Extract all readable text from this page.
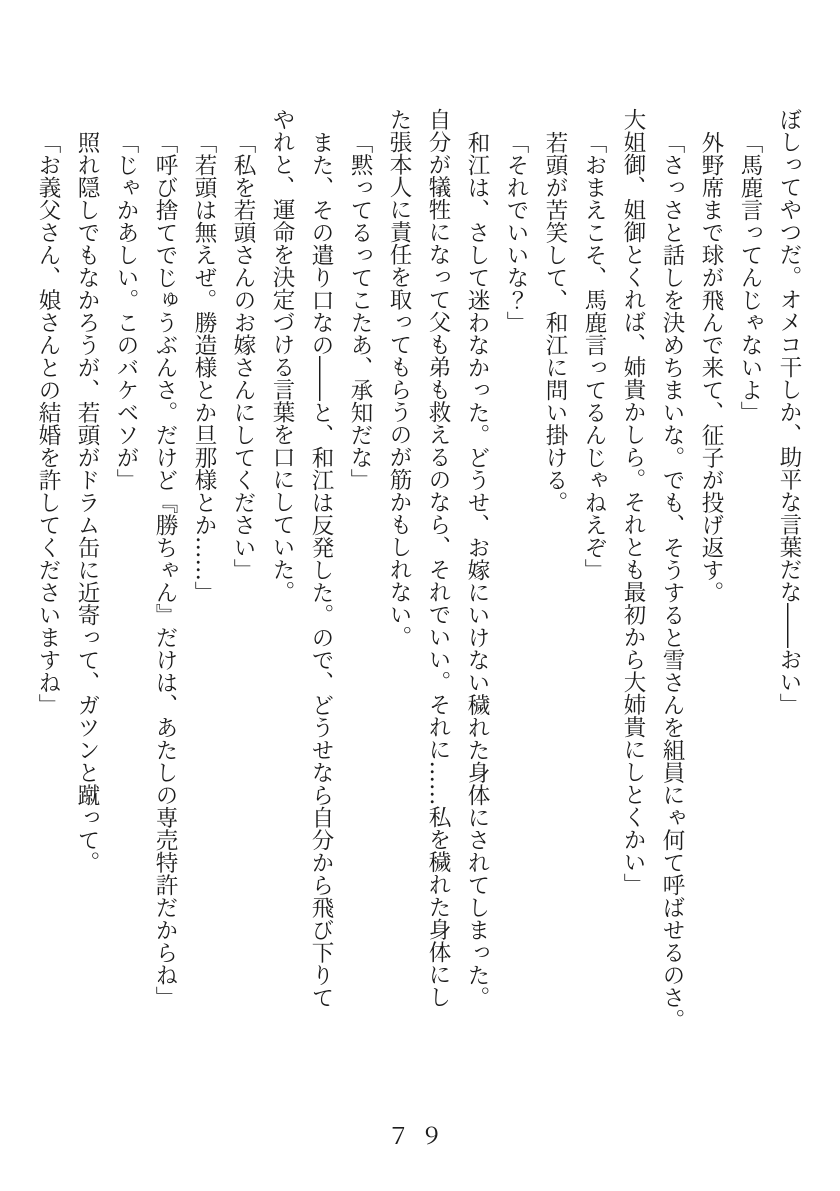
ぼしってやつだ。オメコ干しか、助平な言葉だな――おい」

「馬鹿言ってんじゃないよ」

外野席まで球が飛んで来て、征子が投げ返す。

「さっさと話しを決めちまいな。でも、そうすると雪さんを組員にゃ何て呼ばせるのさ。

大姐御、姐御とくれば、姉貴かしら。それとも最初から大姉貴にしとくかい」

「おまえこそ、馬鹿言ってるんじゃねえぞ」

若頭が苦笑して、和江に問い掛ける。

「それでいいな？」

和江は、さして迷わなかった。どうせ、お嫁にいけない穢れた身体にされてしまった。

自分が犠牲になって父も弟も救えるのなら、それでいい。それに……私を穢れた身体にし

た張本人に責任を取ってもらうのが筋かもしれない。

「黙ってるってこたあ、承知だな」

また、その遣り口なの――と、和江は反発した。ので、どうせなら自分から飛び下りて

やれと、運命を決定づける言葉を口にしていた。

「私を若頭さんのお嫁さんにしてください」

「若頭は無えぜ。勝造様とか旦那様とか……」

「呼び捨てでじゅうぶんさ。だけど『勝ちゃん』だけは、あたしの専売特許だからね」

「じゃかあしい。このバケベソが」

照れ隠しでもなかろうが、若頭がドラム缶に近寄って、ガツンと蹴って。

「お義父さん、娘さんとの結婚を許してくださいますね」

７９
